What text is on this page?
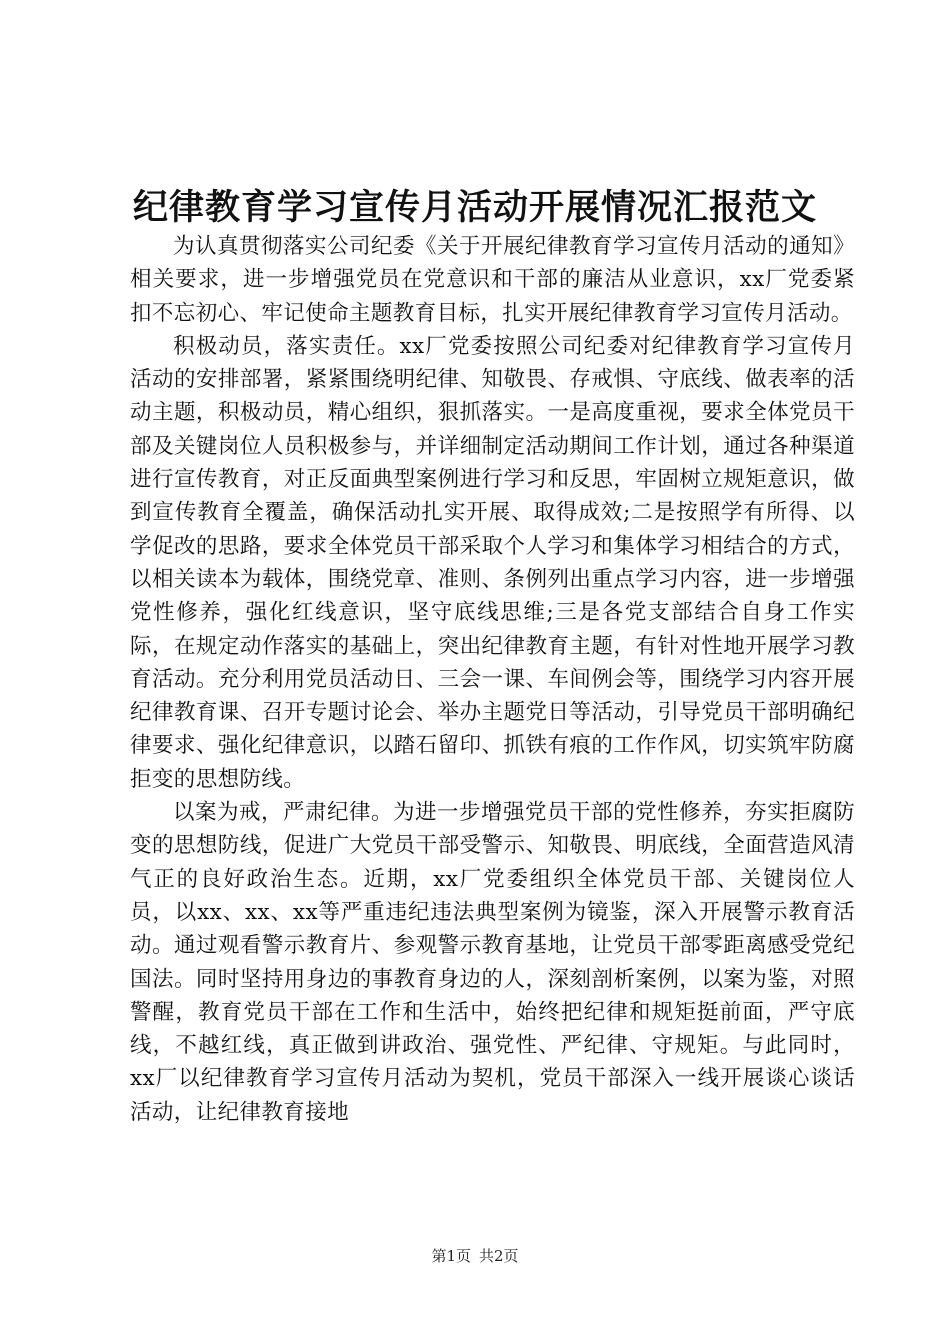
纪律教育学习宣传月活动开展情况汇报范文

为认真贯彻落实公司纪委《关于开展纪律教育学习宣传月活动的通知》相关要求，进一步增强党员在党意识和干部的廉洁从业意识，xx厂党委紧扣不忘初心、牢记使命主题教育目标，扎实开展纪律教育学习宣传月活动。

积极动员，落实责任。xx厂党委按照公司纪委对纪律教育学习宣传月活动的安排部署，紧紧围绕明纪律、知敬畏、存戒惧、守底线、做表率的活动主题，积极动员，精心组织，狠抓落实。一是高度重视，要求全体党员干部及关键岗位人员积极参与，并详细制定活动期间工作计划，通过各种渠道进行宣传教育，对正反面典型案例进行学习和反思，牢固树立规矩意识，做到宣传教育全覆盖，确保活动扎实开展、取得成效;二是按照学有所得、以学促改的思路，要求全体党员干部采取个人学习和集体学习相结合的方式，以相关读本为载体，围绕党章、准则、条例列出重点学习内容，进一步增强党性修养，强化红线意识，坚守底线思维;三是各党支部结合自身工作实际，在规定动作落实的基础上，突出纪律教育主题，有针对性地开展学习教育活动。充分利用党员活动日、三会一课、车间例会等，围绕学习内容开展纪律教育课、召开专题讨论会、举办主题党日等活动，引导党员干部明确纪律要求、强化纪律意识，以踏石留印、抓铁有痕的工作作风，切实筑牢防腐拒变的思想防线。

以案为戒，严肃纪律。为进一步增强党员干部的党性修养，夯实拒腐防变的思想防线，促进广大党员干部受警示、知敬畏、明底线，全面营造风清气正的良好政治生态。近期，xx厂党委组织全体党员干部、关键岗位人员，以xx、xx、xx等严重违纪违法典型案例为镜鉴，深入开展警示教育活动。通过观看警示教育片、参观警示教育基地，让党员干部零距离感受党纪国法。同时坚持用身边的事教育身边的人，深刻剖析案例，以案为鉴，对照警醒，教育党员干部在工作和生活中，始终把纪律和规矩挺前面，严守底线，不越红线，真正做到讲政治、强党性、严纪律、守规矩。与此同时，xx厂以纪律教育学习宣传月活动为契机，党员干部深入一线开展谈心谈话活动，让纪律教育接地

第1页 共2页
